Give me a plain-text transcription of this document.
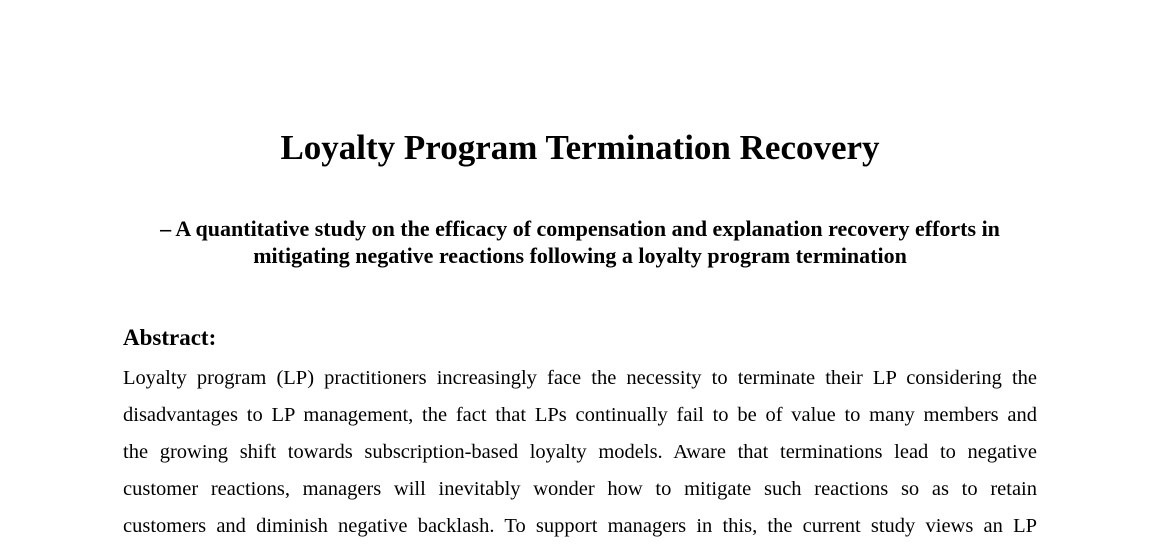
Loyalty Program Termination Recovery
– A quantitative study on the efficacy of compensation and explanation recovery efforts in
mitigating negative reactions following a loyalty program termination
Abstract:
Loyalty program (LP) practitioners increasingly face the necessity to terminate their LP considering the
disadvantages to LP management, the fact that LPs continually fail to be of value to many members and
the growing shift towards subscription-based loyalty models. Aware that terminations lead to negative
customer reactions, managers will inevitably wonder how to mitigate such reactions so as to retain
customers and diminish negative backlash. To support managers in this, the current study views an LP
